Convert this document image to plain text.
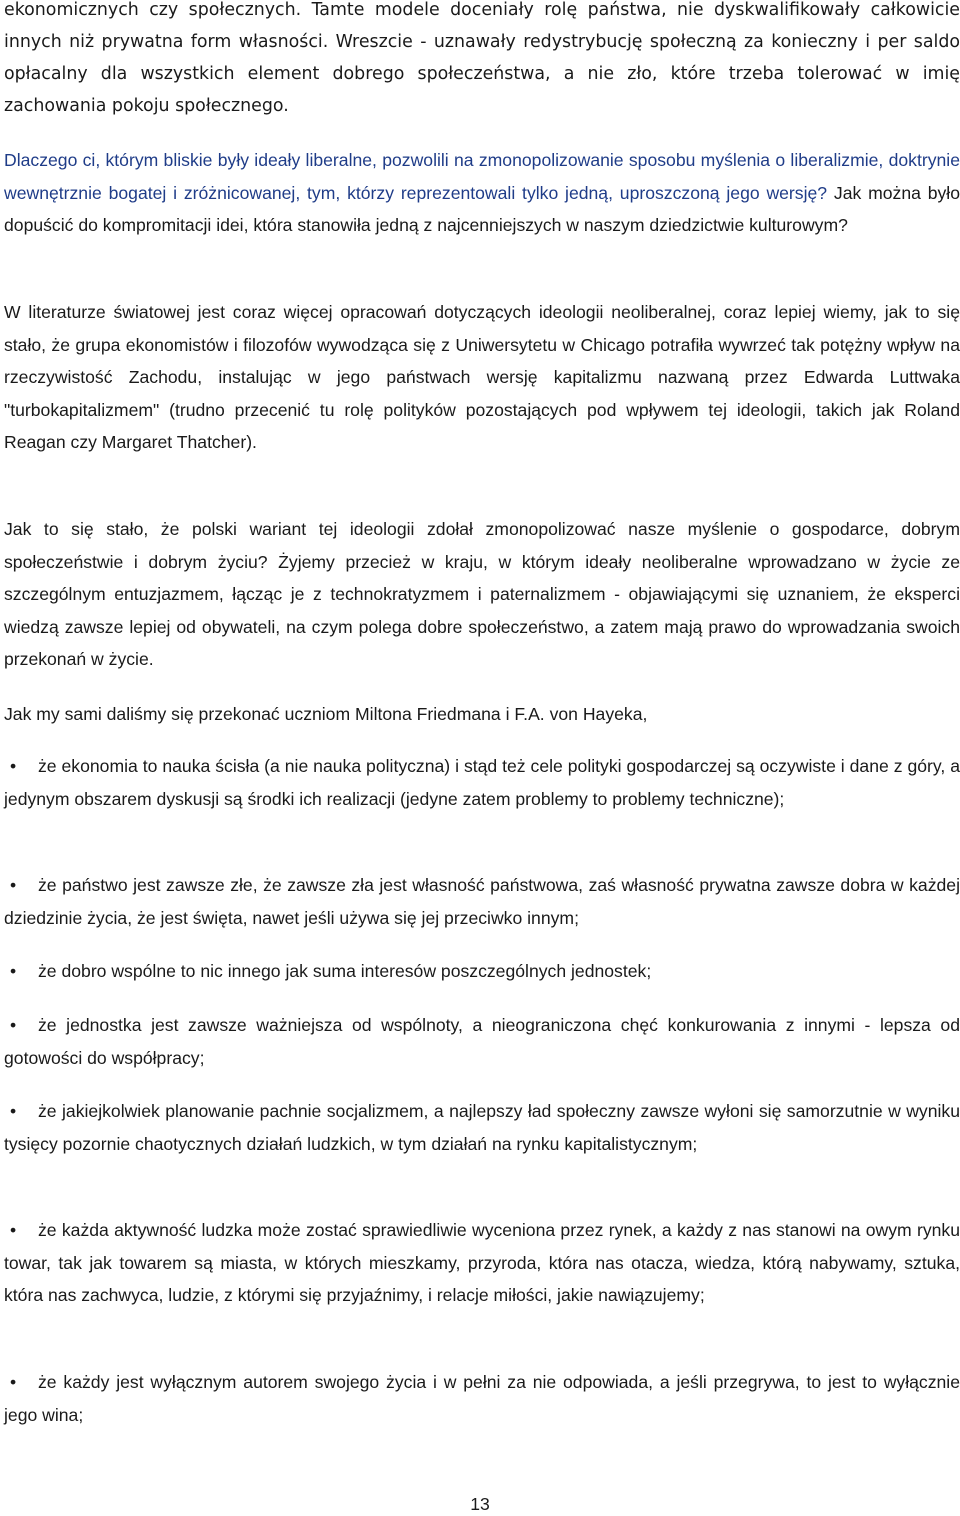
ekonomicznych czy społecznych. Tamte modele doceniały rolę państwa, nie dyskwalifikowały całkowicie innych niż prywatna form własności. Wreszcie - uznawały redystrybucję społeczną za konieczny i per saldo opłacalny dla wszystkich element dobrego społeczeństwa, a nie zło, które trzeba tolerować w imię zachowania pokoju społecznego.

Dlaczego ci, którym bliskie były ideały liberalne, pozwolili na zmonopolizowanie sposobu myślenia o liberalizmie, doktrynie wewnętrznie bogatej i zróżnicowanej, tym, którzy reprezentowali tylko jedną, uproszczoną jego wersję? Jak można było dopuścić do kompromitacji idei, która stanowiła jedną z najcenniejszych w naszym dziedzictwie kulturowym?

W literaturze światowej jest coraz więcej opracowań dotyczących ideologii neoliberalnej, coraz lepiej wiemy, jak to się stało, że grupa ekonomistów i filozofów wywodząca się z Uniwersytetu w Chicago potrafiła wywrzeć tak potężny wpływ na rzeczywistość Zachodu, instalując w jego państwach wersję kapitalizmu nazwaną przez Edwarda Luttwaka "turbokapitalizmem" (trudno przecenić tu rolę polityków pozostających pod wpływem tej ideologii, takich jak Roland Reagan czy Margaret Thatcher).

Jak to się stało, że polski wariant tej ideologii zdołał zmonopolizować nasze myślenie o gospodarce, dobrym społeczeństwie i dobrym życiu? Żyjemy przecież w kraju, w którym ideały neoliberalne wprowadzano w życie ze szczególnym entuzjazmem, łącząc je z technokratyzmem i paternalizmem - objawiającymi się uznaniem, że eksperci wiedzą zawsze lepiej od obywateli, na czym polega dobre społeczeństwo, a zatem mają prawo do wprowadzania swoich przekonań w życie.

Jak my sami daliśmy się przekonać uczniom Miltona Friedmana i F.A. von Hayeka,

• że ekonomia to nauka ścisła (a nie nauka polityczna) i stąd też cele polityki gospodarczej są oczywiste i dane z góry, a jedynym obszarem dyskusji są środki ich realizacji (jedyne zatem problemy to problemy techniczne);

• że państwo jest zawsze złe, że zawsze zła jest własność państwowa, zaś własność prywatna zawsze dobra w każdej dziedzinie życia, że jest święta, nawet jeśli używa się jej przeciwko innym;

• że dobro wspólne to nic innego jak suma interesów poszczególnych jednostek;

• że jednostka jest zawsze ważniejsza od wspólnoty, a nieograniczona chęć konkurowania z innymi - lepsza od gotowości do współpracy;

• że jakiejkolwiek planowanie pachnie socjalizmem, a najlepszy ład społeczny zawsze wyłoni się samorzutnie w wyniku tysięcy pozornie chaotycznych działań ludzkich, w tym działań na rynku kapitalistycznym;

• że każda aktywność ludzka może zostać sprawiedliwie wyceniona przez rynek, a każdy z nas stanowi na owym rynku towar, tak jak towarem są miasta, w których mieszkamy, przyroda, która nas otacza, wiedza, którą nabywamy, sztuka, która nas zachwyca, ludzie, z którymi się przyjaźnimy, i relacje miłości, jakie nawiązujemy;

• że każdy jest wyłącznym autorem swojego życia i w pełni za nie odpowiada, a jeśli przegrywa, to jest to wyłącznie jego wina;

13
